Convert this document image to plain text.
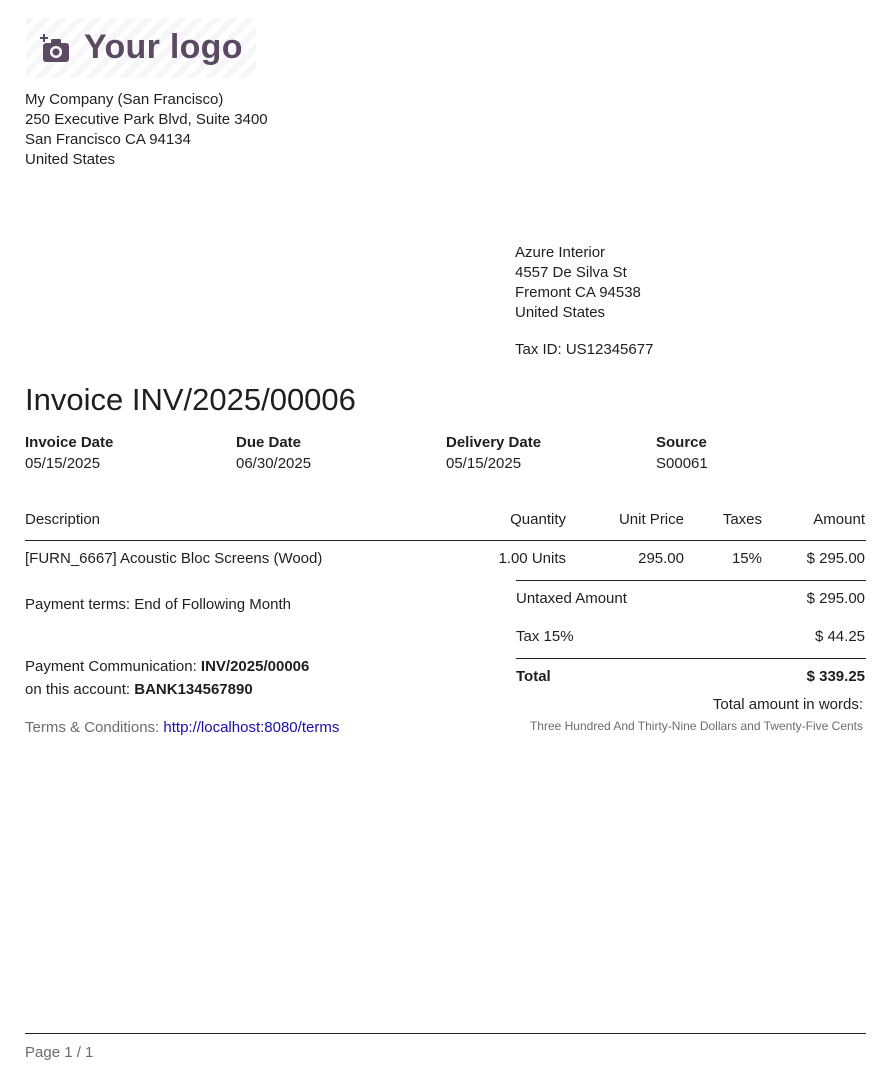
Your logo
My Company (San Francisco)
250 Executive Park Blvd, Suite 3400
San Francisco CA 94134
United States
Azure Interior
4557 De Silva St
Fremont CA 94538
United States
Tax ID: US12345677
Invoice INV/2025/00006
Invoice Date
05/15/2025
Due Date
06/30/2025
Delivery Date
05/15/2025
Source
S00061
Description	Quantity	Unit Price	Taxes	Amount
[FURN_6667] Acoustic Bloc Screens (Wood)	1.00 Units	295.00	15%	$ 295.00
Untaxed Amount	$ 295.00
Tax 15%	$ 44.25
Total	$ 339.25
Total amount in words:
Three Hundred And Thirty-Nine Dollars and Twenty-Five Cents
Payment terms: End of Following Month
Payment Communication: INV/2025/00006
on this account: BANK134567890
Terms & Conditions: http://localhost:8080/terms
Page 1 / 1
